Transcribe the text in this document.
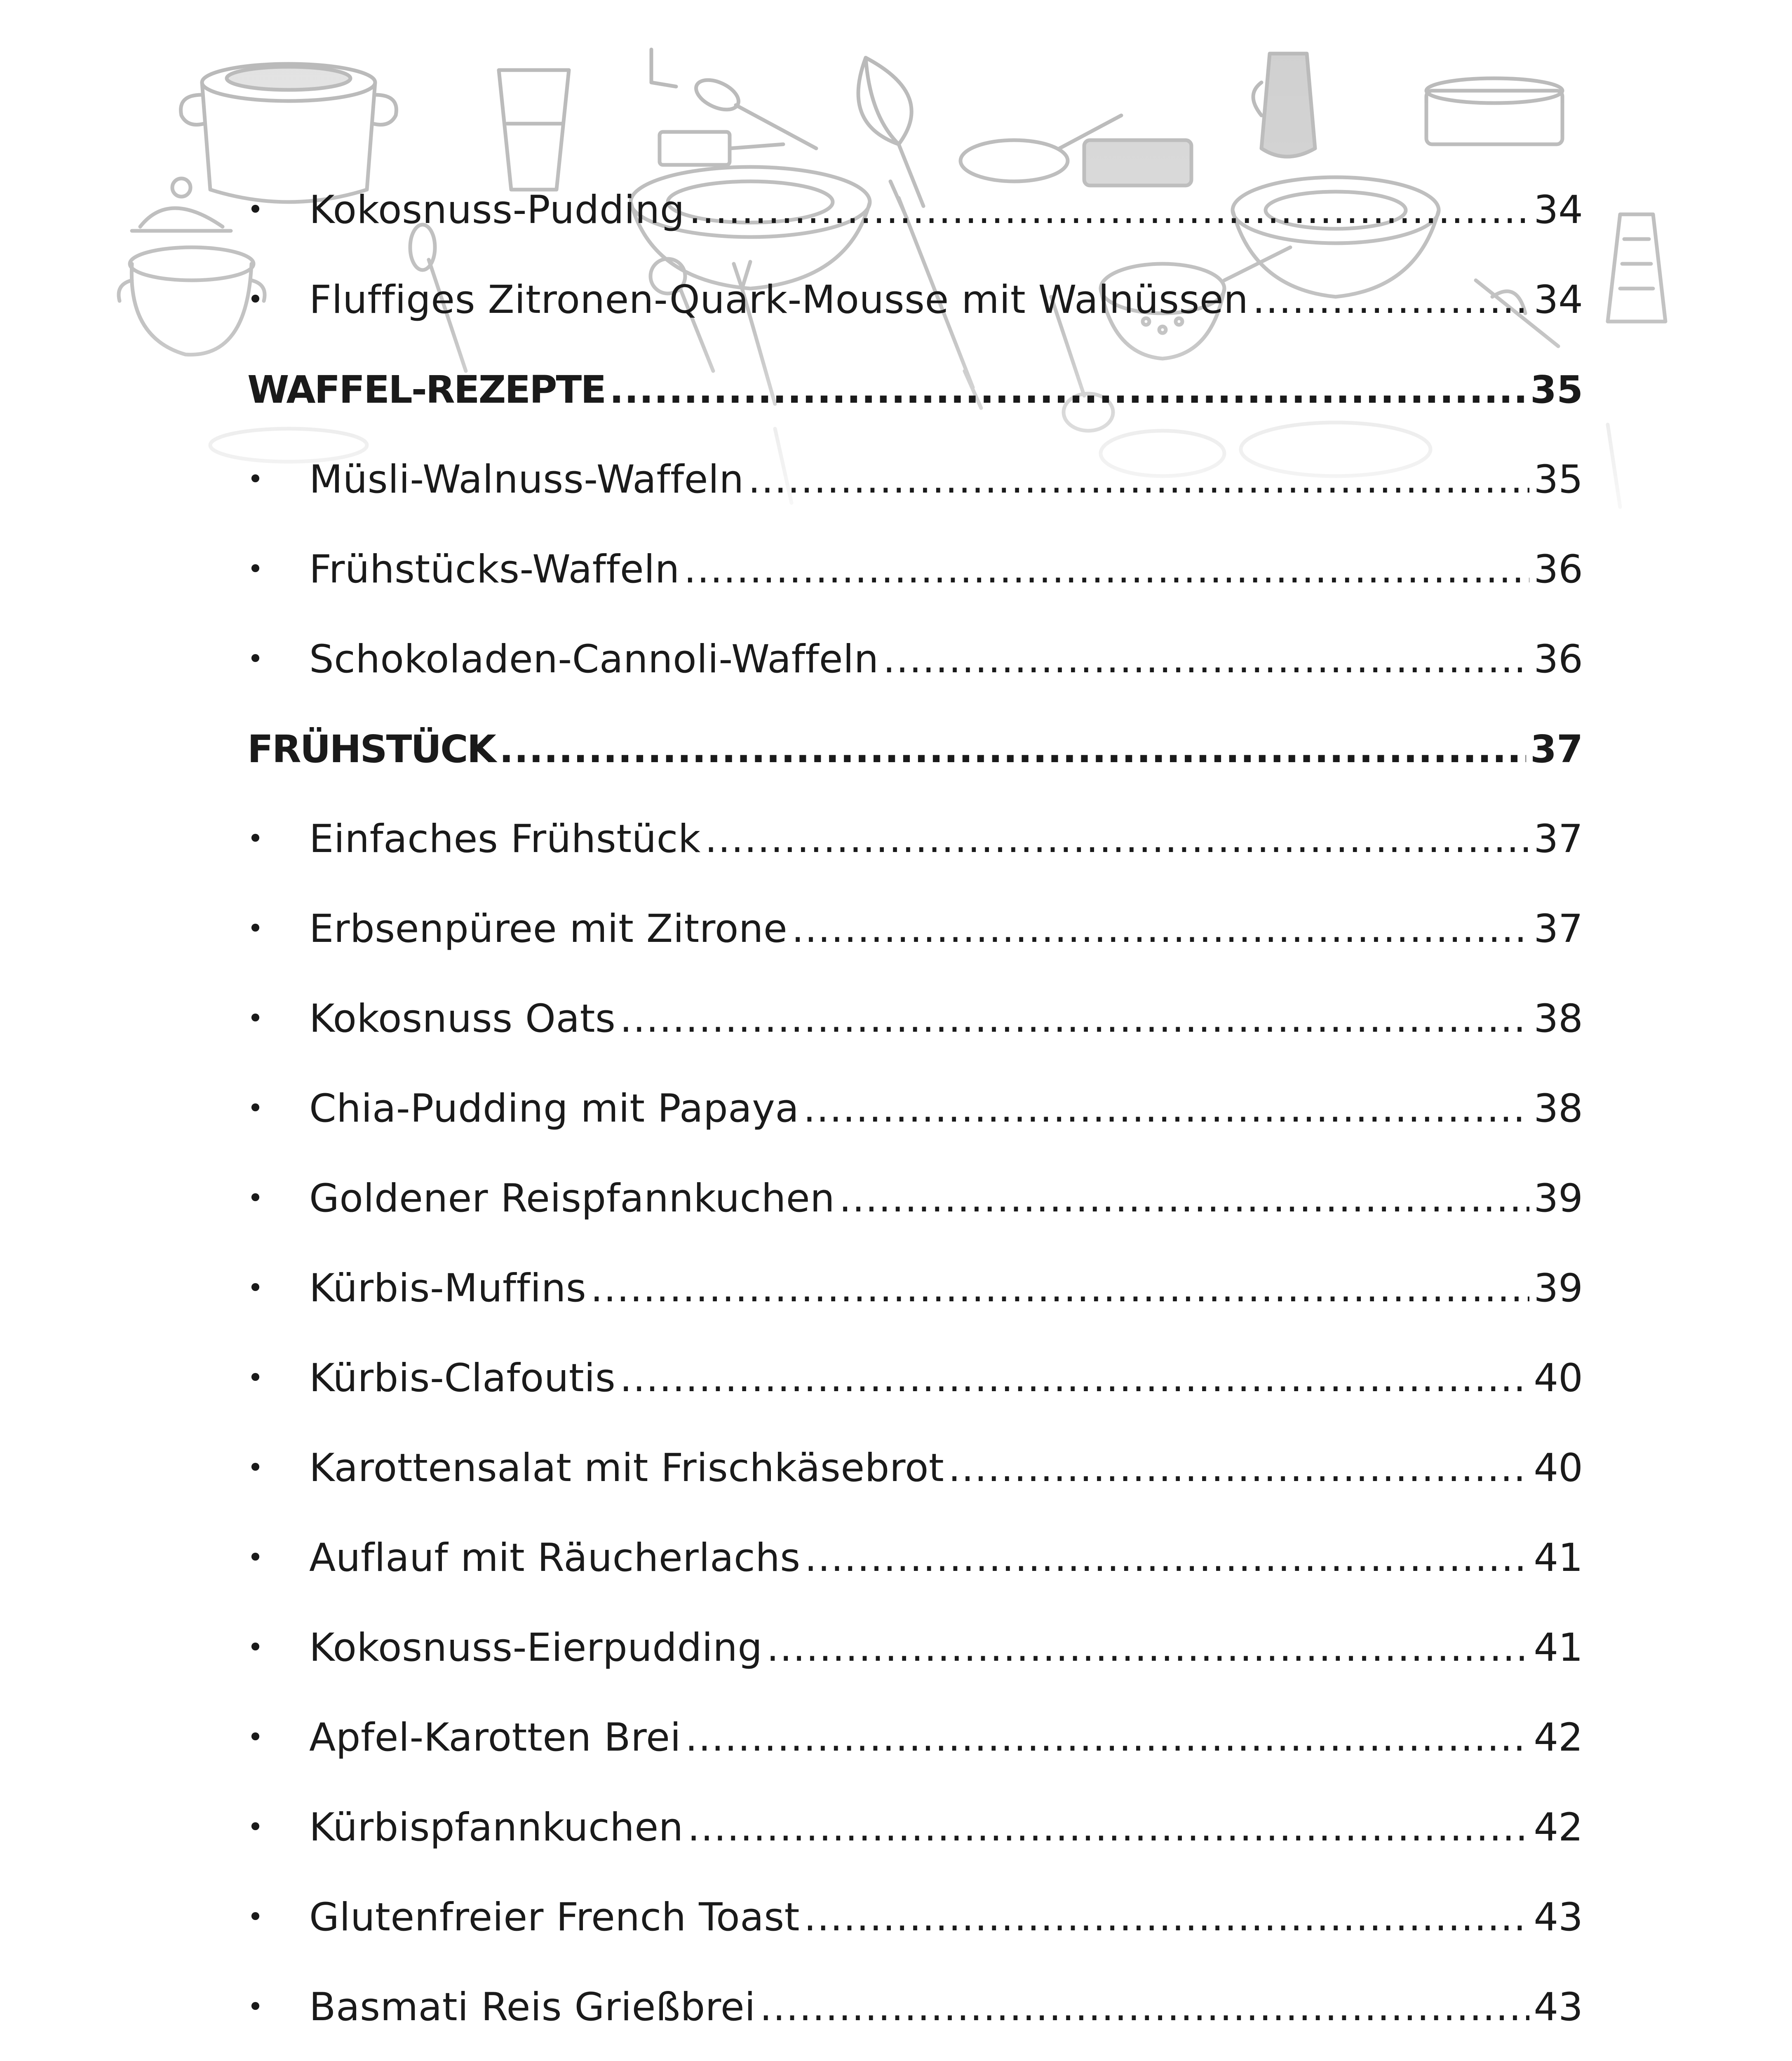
•	Kokosnuss-Pudding .....	34
•	Fluffiges Zitronen-Quark-Mousse mit Walnüssen .....	34
WAFFEL-REZEPTE .....	35
•	Müsli-Walnuss-Waffeln .....	35
•	Frühstücks-Waffeln .....	36
•	Schokoladen-Cannoli-Waffeln .....	36
FRÜHSTÜCK .....	37
•	Einfaches Frühstück .....	37
•	Erbsenpüree mit Zitrone .....	37
•	Kokosnuss Oats .....	38
•	Chia-Pudding mit Papaya .....	38
•	Goldener Reispfannkuchen .....	39
•	Kürbis-Muffins .....	39
•	Kürbis-Clafoutis .....	40
•	Karottensalat mit Frischkäsebrot .....	40
•	Auflauf mit Räucherlachs .....	41
•	Kokosnuss-Eierpudding .....	41
•	Apfel-Karotten Brei .....	42
•	Kürbispfannkuchen .....	42
•	Glutenfreier French Toast .....	43
•	Basmati Reis Grießbrei .....	43
